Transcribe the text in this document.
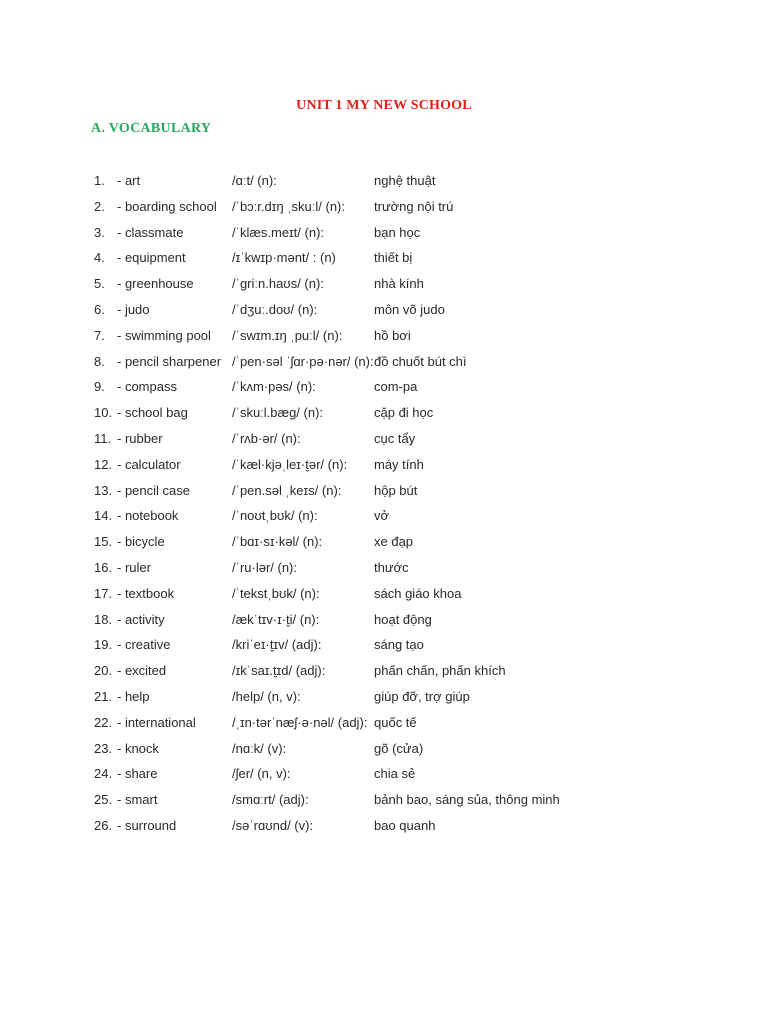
UNIT 1 MY NEW SCHOOL
A. VOCABULARY
1. - art	/ɑːt/ (n):	nghệ thuật
2. - boarding school /ˈbɔːr.dɪŋ ˌskuːl/ (n): trường nội trú
3. - classmate	/ˈklæs.meɪt/ (n):	bạn học
4. - equipment	/ɪˈkwɪp·mənt/ : (n)	thiết bị
5. - greenhouse	/ˈɡriːn.haʊs/ (n):	nhà kính
6. - judo	/ˈdʒuː.doʊ/ (n):	môn võ judo
7. - swimming pool /ˈswɪm.ɪŋ ˌpuːl/ (n): hồ bơi
8. - pencil sharpener /ˈpen·səl ˈʃɑr·pə·nər/ (n): đồ chuốt bút chì
9. - compass	/ˈkʌm·pəs/ (n):	com-pa
10. - school bag	/ˈskuːl.bæɡ/ (n):	cặp đi học
11. - rubber	/ˈrʌb·ər/ (n):	cục tẩy
12. - calculator	/ˈkæl·kjəˌleɪ·t̬ər/ (n): máy tính
13. - pencil case	/ˈpen.səl ˌkeɪs/ (n):	hộp bút
14. - notebook	/ˈnoʊtˌbʊk/ (n):	vở
15. - bicycle	/ˈbɑɪ·sɪ·kəl/ (n):	xe đạp
16. - ruler	/ˈru·lər/ (n):	thước
17. - textbook	/ˈtekstˌbʊk/ (n):	sách giáo khoa
18. - activity	/ækˈtɪv·ɪ·t̬i/ (n):	hoạt động
19. - creative	/kriˈeɪ·t̬ɪv/ (adj):	sáng tạo
20. - excited	/ɪkˈsaɪ.t̬ɪd/ (adj):	phấn chấn, phấn khích
21. - help	/help/ (n, v):	giúp đỡ, trợ giúp
22. - international	/ˌɪn·tərˈnæʃ·ə·nəl/ (adj): quốc tế
23. - knock	/nɑːk/ (v):	gõ (cửa)
24. - share	/ʃer/ (n, v):	chia sẻ
25. - smart	/smɑːrt/ (adj):	bảnh bao, sáng sủa, thông minh
26. - surround	/səˈrɑʊnd/ (v):	bao quanh
